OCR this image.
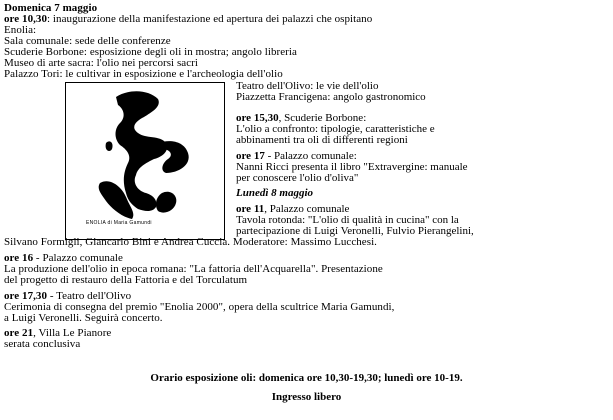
Domenica 7 maggio
ore 10,30: inaugurazione della manifestazione ed apertura dei palazzi che ospitano
Enolia:
Sala comunale: sede delle conferenze
Scuderie Borbone: esposizione degli oli in mostra; angolo libreria
Museo di arte sacra: l'olio nei percorsi sacri
Palazzo Tori: le cultivar in esposizione e l'archeologia dell'olio
Teatro dell'Olivo: le vie dell'olio
Piazzetta Francigena: angolo gastronomico
ENOLIA di Maria Gamundi
ore 15,30, Scuderie Borbone:
L'olio a confronto: tipologie, caratteristiche e
abbinamenti tra oli di differenti regioni
ore 17 - Palazzo comunale:
Nanni Ricci presenta il libro "Extravergine: manuale
per conoscere l'olio d'oliva"
Lunedì 8 maggio
ore 11, Palazzo comunale
Tavola rotonda: "L'olio di qualità in cucina" con la
partecipazione di Luigi Veronelli, Fulvio Pierangelini,
Silvano Formigli, Giancarlo Bini e Andrea Cuccia. Moderatore: Massimo Lucchesi.
ore 16 - Palazzo comunale
La produzione dell'olio in epoca romana: "La fattoria dell'Acquarella". Presentazione
del progetto di restauro della Fattoria e del Torculatum
ore 17,30 - Teatro dell'Olivo
Cerimonia di consegna del premio "Enolia 2000", opera della scultrice Maria Gamundi,
a Luigi Veronelli. Seguirà concerto.
ore 21, Villa Le Pianore
serata conclusiva
Orario esposizione oli: domenica ore 10,30-19,30; lunedì ore 10-19.
Ingresso libero
